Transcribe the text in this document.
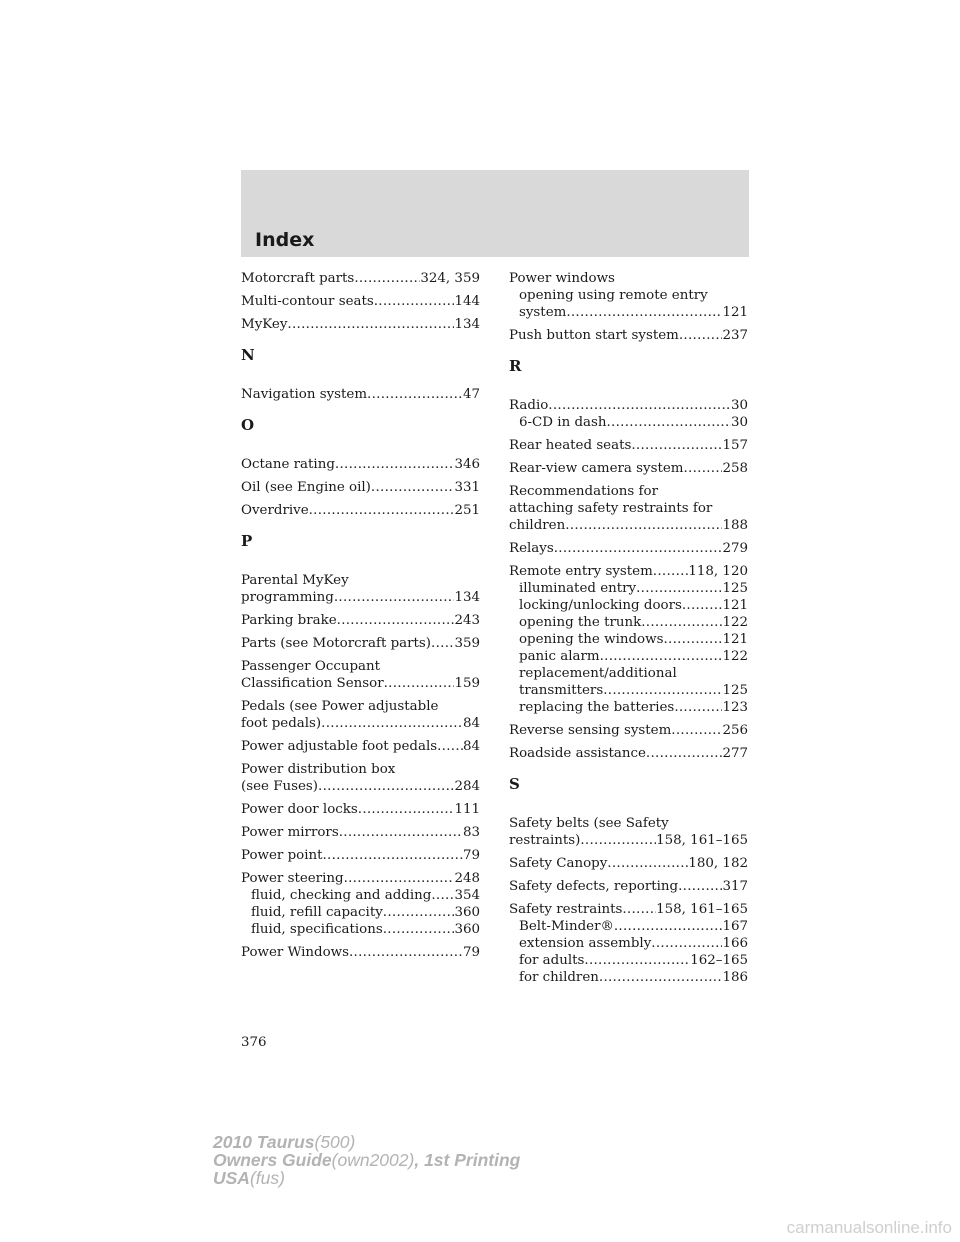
Index
Motorcraft parts .....	324, 359
Multi-contour seats .....	144
MyKey .....	134
N
Navigation system .....	47
O
Octane rating .....	346
Oil (see Engine oil) .....	331
Overdrive .....	251
P
Parental MyKey
programming .....	134
Parking brake .....	243
Parts (see Motorcraft parts) ..... 359
Passenger Occupant
Classification Sensor .....	159
Pedals (see Power adjustable
foot pedals) .....	84
Power adjustable foot pedals ..... 84
Power distribution box
(see Fuses) .....	284
Power door locks .....	111
Power mirrors .....	83
Power point .....	79
Power steering .....	248
fluid, checking and adding ..... 354
fluid, refill capacity .....	360
fluid, specifications .....	360
Power Windows .....	79
Power windows
opening using remote entry
system .....	121
Push button start system .....	237
R
Radio .....	30
6-CD in dash .....	30
Rear heated seats .....	157
Rear-view camera system .....	258
Recommendations for
attaching safety restraints for
children .....	188
Relays .....	279
Remote entry system .....	118, 120
illuminated entry .....	125
locking/unlocking doors .....	121
opening the trunk .....	122
opening the windows .....	121
panic alarm .....	122
replacement/additional
transmitters .....	125
replacing the batteries .....	123
Reverse sensing system .....	256
Roadside assistance .....	277
S
Safety belts (see Safety
restraints) .....	158, 161–165
Safety Canopy .....	180, 182
Safety defects, reporting .....	317
Safety restraints .....	158, 161–165
Belt-Minder® .....	167
extension assembly .....	166
for adults .....	162–165
for children .....	186
376
2010 Taurus(500)
Owners Guide(own2002), 1st Printing
USA(fus)
carmanualsonline.info
